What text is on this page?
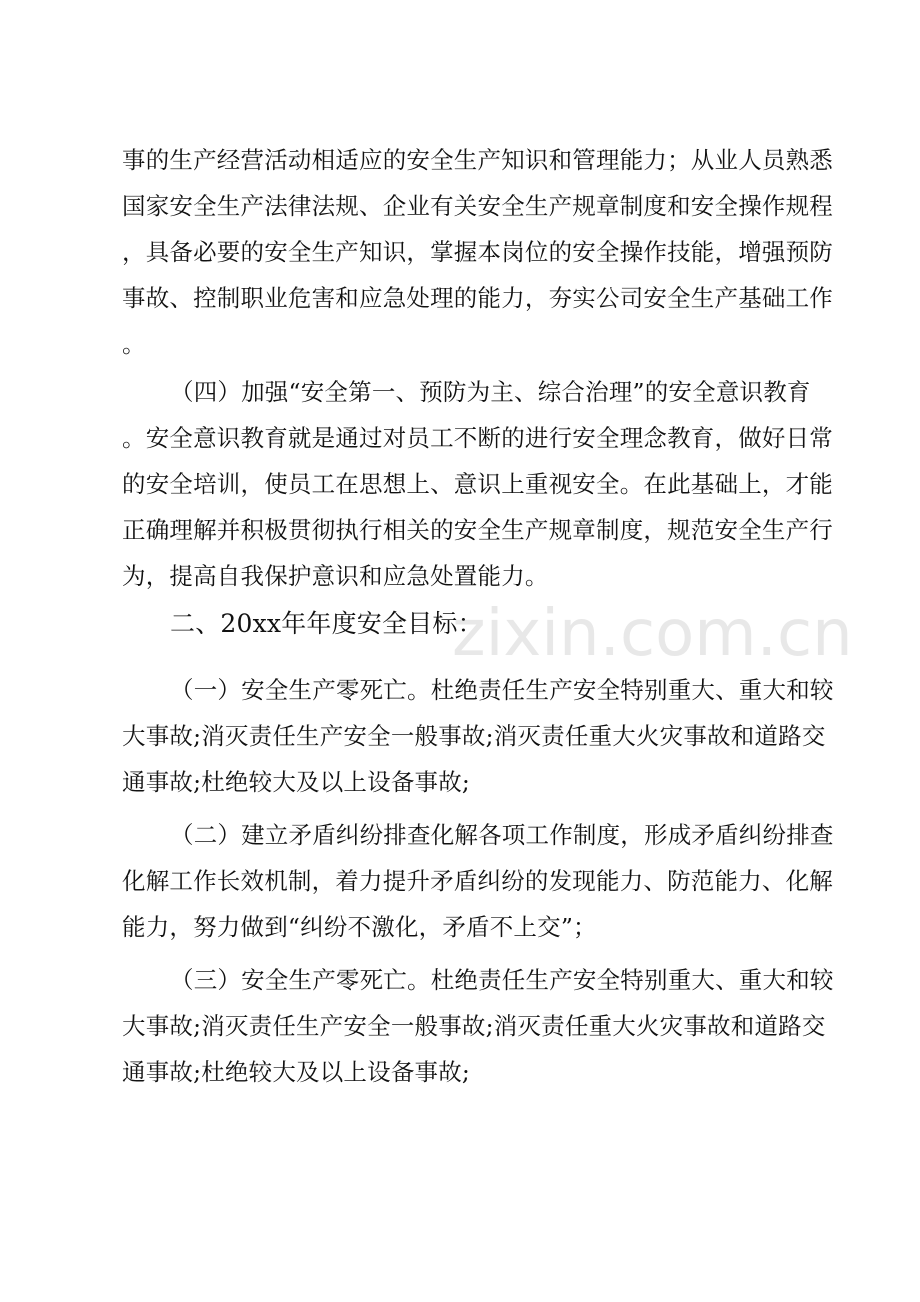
事的生产经营活动相适应的安全生产知识和管理能力；从业人员熟悉
国家安全生产法律法规、企业有关安全生产规章制度和安全操作规程
，具备必要的安全生产知识，掌握本岗位的安全操作技能，增强预防
事故、控制职业危害和应急处理的能力，夯实公司安全生产基础工作
。
（四）加强“安全第一、预防为主、综合治理”的安全意识教育
。安全意识教育就是通过对员工不断的进行安全理念教育，做好日常
的安全培训，使员工在思想上、意识上重视安全。在此基础上，才能
正确理解并积极贯彻执行相关的安全生产规章制度，规范安全生产行
为，提高自我保护意识和应急处置能力。
二、20xx年年度安全目标：
（一）安全生产零死亡。杜绝责任生产安全特别重大、重大和较
大事故;消灭责任生产安全一般事故;消灭责任重大火灾事故和道路交
通事故;杜绝较大及以上设备事故;
（二）建立矛盾纠纷排查化解各项工作制度，形成矛盾纠纷排查
化解工作长效机制，着力提升矛盾纠纷的发现能力、防范能力、化解
能力，努力做到“纠纷不激化，矛盾不上交”；
（三）安全生产零死亡。杜绝责任生产安全特别重大、重大和较
大事故;消灭责任生产安全一般事故;消灭责任重大火灾事故和道路交
通事故;杜绝较大及以上设备事故;
zixin.com.cn
